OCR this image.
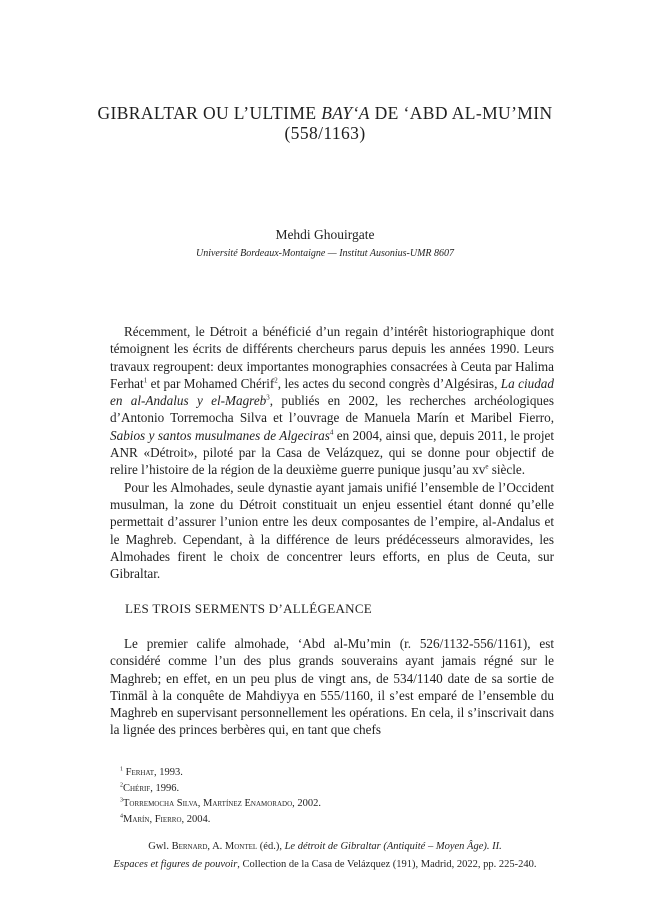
GIBRALTAR OU L’ULTIME BAY‘A DE ‘ABD AL-MU’MIN
(558/1163)
Mehdi Ghouirgate
Université Bordeaux-Montaigne — Institut Ausonius-UMR 8607

Récemment, le Détroit a bénéficié d’un regain d’intérêt historiographique dont témoignent les écrits de différents chercheurs parus depuis les années 1990. Leurs travaux regroupent: deux importantes monographies consacrées à Ceuta par Halima Ferhat$^1$ et par Mohamed Chérif$^2$, les actes du second congrès d’Algésiras, La ciudad en al-Andalus y el-Magreb$^3$, publiés en 2002, les recherches archéologiques d’Antonio Torremocha Silva et l’ouvrage de Manuela Marín et Maribel Fierro, Sabios y santos musulmanes de Algeciras$^4$ en 2004, ainsi que, depuis 2011, le projet ANR «Détroit», piloté par la Casa de Velázquez, qui se donne pour objectif de relire l’histoire de la région de la deuxième guerre punique jusqu’au $xv^e$ siècle.

Pour les Almohades, seule dynastie ayant jamais unifié l’ensemble de l’Occident musulman, la zone du Détroit constituait un enjeu essentiel étant donné qu’elle permettait d’assurer l’union entre les deux composantes de l’empire, al-Andalus et le Maghreb. Cependant, à la différence de leurs prédécesseurs almoravides, les Almohades firent le choix de concentrer leurs efforts, en plus de Ceuta, sur Gibraltar.

LES TROIS SERMENTS D’ALLÉGEANCE

Le premier calife almohade, ‘Abd al-Mu’min (r. 526/1132-556/1161), est considéré comme l’un des plus grands souverains ayant jamais régné sur le Maghreb; en effet, en un peu plus de vingt ans, de 534/1140 date de sa sortie de Tinmāl à la conquête de Mahdiyya en 555/1160, il s’est emparé de l’ensemble du Maghreb en supervisant personnellement les opérations. En cela, il s’inscrivait dans la lignée des princes berbères qui, en tant que chefs

$^1$ Ferhat, 1993.
$^2$Chérif, 1996.
$^3$Torremocha Silva, Martínez Enamorado, 2002.
$^4$Marín, Fierro, 2004.
Gwl. Bernard, A. Montel (éd.), Le détroit de Gibraltar (Antiquité – Moyen Âge). II.
Espaces et figures de pouvoir, Collection de la Casa de Velázquez (191), Madrid, 2022, pp. 225-240.
